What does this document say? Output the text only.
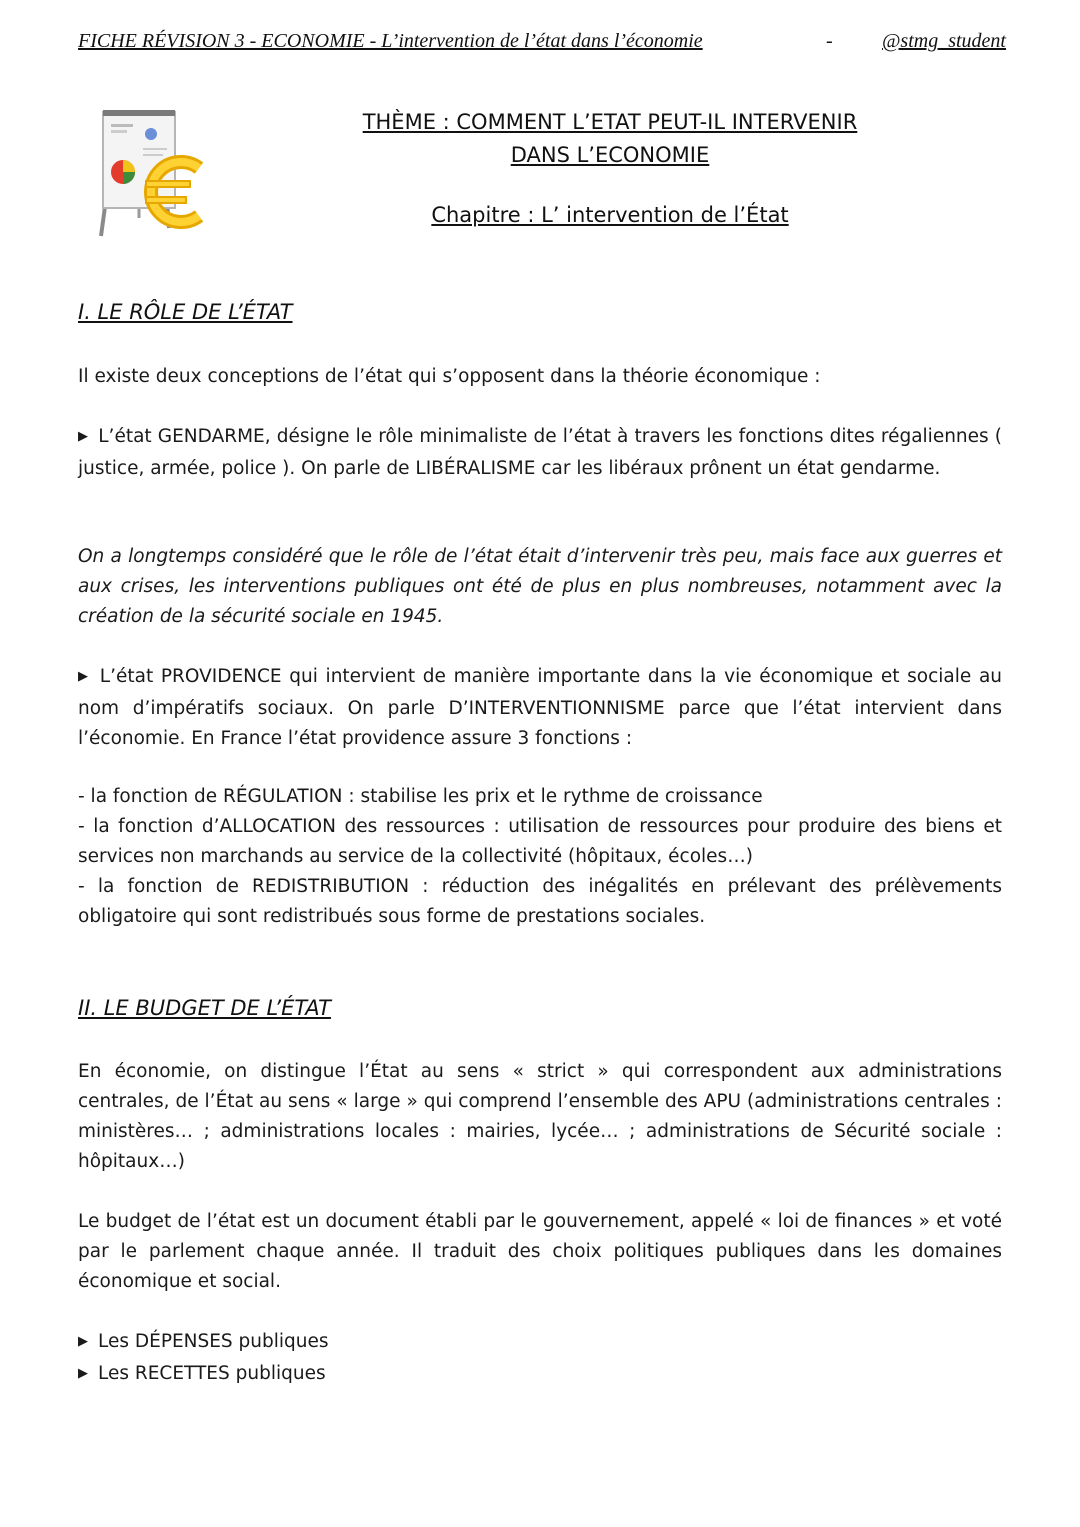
FICHE RÉVISION 3 - ECONOMIE - L’intervention de l’état dans l’économie	- @stmg_student
THÈME : COMMENT L’ETAT PEUT-IL INTERVENIR
DANS L’ECONOMIE
Chapitre : L’ intervention de l’État
I. LE RÔLE DE L’ÉTAT

Il existe deux conceptions de l’état qui s’opposent dans la théorie économique :

▶ L’état GENDARME, désigne le rôle minimaliste de l’état à travers les fonctions dites régaliennes ( justice, armée, police ). On parle de LIBÉRALISME car les libéraux prônent un état gendarme.

On a longtemps considéré que le rôle de l’état était d’intervenir très peu, mais face aux guerres et aux crises, les interventions publiques ont été de plus en plus nombreuses, notamment avec la création de la sécurité sociale en 1945.

▶ L’état PROVIDENCE qui intervient de manière importante dans la vie économique et sociale au nom d’impératifs sociaux. On parle D’INTERVENTIONNISME parce que l’état intervient dans l’économie. En France l’état providence assure 3 fonctions :

- la fonction de RÉGULATION : stabilise les prix et le rythme de croissance
- la fonction d’ALLOCATION des ressources : utilisation de ressources pour produire des biens et services non marchands au service de la collectivité (hôpitaux, écoles…)
- la fonction de REDISTRIBUTION : réduction des inégalités en prélevant des prélèvements obligatoire qui sont redistribués sous forme de prestations sociales.

II. LE BUDGET DE L’ÉTAT

En économie, on distingue l’État au sens « strict » qui correspondent aux administrations centrales, de l’État au sens « large » qui comprend l’ensemble des APU (administrations centrales : ministères… ; administrations locales : mairies, lycée… ; administrations de Sécurité sociale : hôpitaux…)

Le budget de l’état est un document établi par le gouvernement, appelé « loi de finances » et voté par le parlement chaque année. Il traduit des choix politiques publiques dans les domaines économique et social.

▶ Les DÉPENSES publiques
▶ Les RECETTES publiques
